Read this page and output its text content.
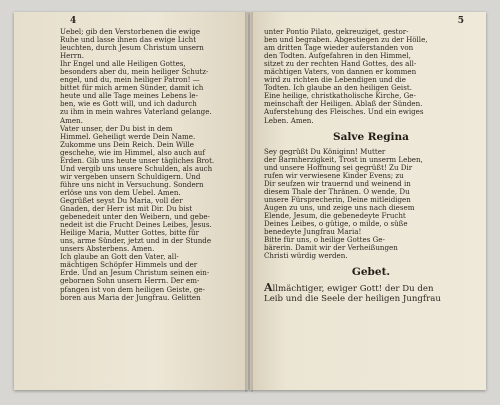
4
Uebel; gib den Verstorbenen die ewige
Ruhe und lasse ihnen das ewige Licht
leuchten, durch Jesum Christum unsern
Herrn.
Ihr Engel und alle Heiligen Gottes,
besonders aber du, mein heiliger Schutz-
engel, und du, mein heiliger Patron! —
bittet für mich armen Sünder, damit ich
heute und alle Tage meines Lebens le-
ben, wie es Gott will, und ich dadurch
zu ihm in mein wahres Vaterland gelange.
Amen.
Vater unser, der Du bist in dem
Himmel. Geheiligt werde Dein Name.
Zukomme uns Dein Reich. Dein Wille
geschehe, wie im Himmel, also auch auf
Erden. Gib uns heute unser tägliches Brot.
Und vergib uns unsere Schulden, als auch
wir vergeben unsern Schuldigern. Und
führe uns nicht in Versuchung. Sondern
erlöse uns von dem Uebel. Amen.
Gegrüßet seyst Du Maria, voll der
Gnaden, der Herr ist mit Dir. Du bist
gebenedeit unter den Weibern, und gebe-
nedeit ist die Frucht Deines Leibes, Jesus.
Heilige Maria, Mutter Gottes, bitte für
uns, arme Sünder, jetzt und in der Stunde
unsers Absterbens. Amen.
Ich glaube an Gott den Vater, all-
mächtigen Schöpfer Himmels und der
Erde. Und an Jesum Christum seinen ein-
gebornen Sohn unsern Herrn. Der em-
pfangen ist von dem heiligen Geiste, ge-
boren aus Maria der Jungfrau. Gelitten
5
unter Pontio Pilato, gekreuziget, gestor-
ben und begraben. Abgestiegen zu der Hölle,
am dritten Tage wieder auferstanden von
den Todten. Aufgefahren in den Himmel,
sitzet zu der rechten Hand Gottes, des all-
mächtigen Vaters, von dannen er kommen
wird zu richten die Lebendigen und die
Todten. Ich glaube an den heiligen Geist.
Eine heilige, christkatholische Kirche, Ge-
meinschaft der Heiligen. Ablaß der Sünden.
Auferstehung des Fleisches. Und ein ewiges
Leben. Amen.
Salve Regina
Sey gegrüßt Du Königinn! Mutter
der Barmherzigkeit, Trost in unserm Leben,
und unsere Hoffnung sei gegrüßt! Zu Dir
rufen wir verwiesene Kinder Evens; zu
Dir seufzen wir trauernd und weinend in
diesem Thale der Thränen. O wende, Du
unsere Fürsprecherin, Deine mitleidigen
Augen zu uns, und zeige uns nach diesem
Elende, Jesum, die gebenedeyte Frucht
Deines Leibes, o gütige, o milde, o süße
benedeyte Jungfrau Maria!
Bitte für uns, o heilige Gottes Ge-
bärerin. Damit wir der Verheißungen
Christi würdig werden.
Gebet.
Allmächtiger, ewiger Gott! der Du den
Leib und die Seele der heiligen Jungfrau
